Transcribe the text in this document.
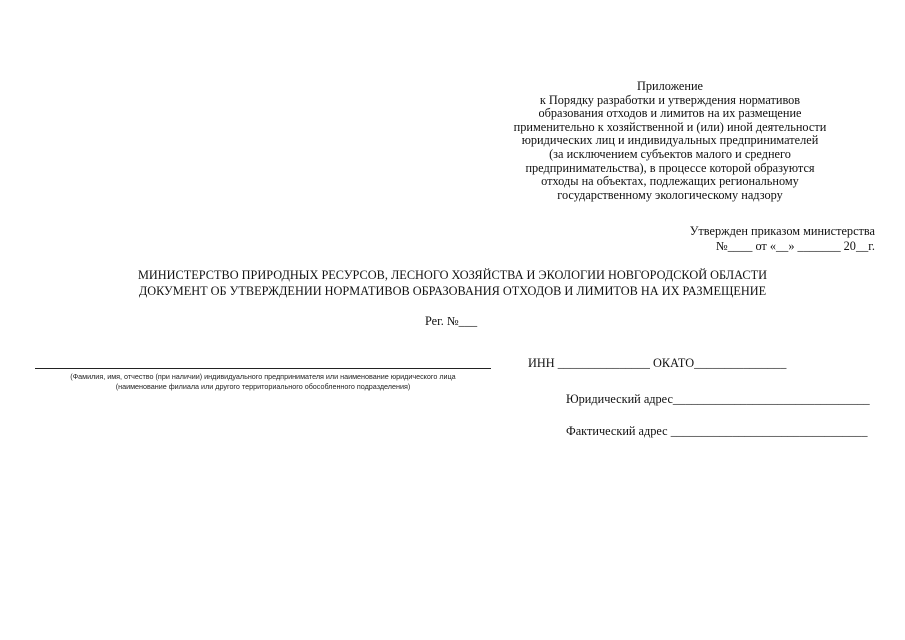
Приложение
к Порядку разработки и утверждения нормативов
образования отходов и лимитов на их размещение
применительно к хозяйственной и (или) иной деятельности
юридических лиц и индивидуальных предпринимателей
(за исключением субъектов малого и среднего
предпринимательства), в процессе которой образуются
отходы на объектах, подлежащих региональному
государственному экологическому надзору
Утвержден приказом министерства
№____ от «__» _______ 20__г.
МИНИСТЕРСТВО ПРИРОДНЫХ РЕСУРСОВ, ЛЕСНОГО ХОЗЯЙСТВА И ЭКОЛОГИИ НОВГОРОДСКОЙ ОБЛАСТИ
ДОКУМЕНТ ОБ УТВЕРЖДЕНИИ НОРМАТИВОВ ОБРАЗОВАНИЯ ОТХОДОВ И ЛИМИТОВ НА ИХ РАЗМЕЩЕНИЕ
Рег. №___
(Фамилия, имя, отчество (при наличии) индивидуального предпринимателя или наименование юридического лица
(наименование филиала или другого территориального обособленного подразделения)
ИНН _______________ ОКАТО_______________
Юридический адрес________________________________
Фактический адрес ________________________________
